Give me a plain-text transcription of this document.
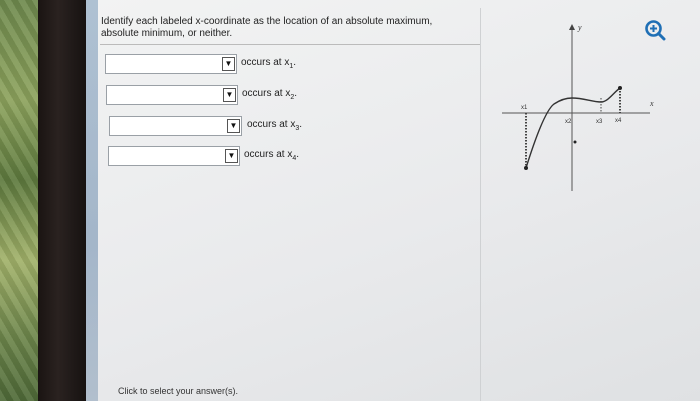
Identify each labeled x-coordinate as the location of an absolute maximum, absolute minimum, or neither.
▼ occurs at $x_1$.
▼ occurs at $x_2$.
▼ occurs at $x_3$.
▼ occurs at $x_4$.
Click to select your answer(s).
y
x
x1
x2	x3 x4
